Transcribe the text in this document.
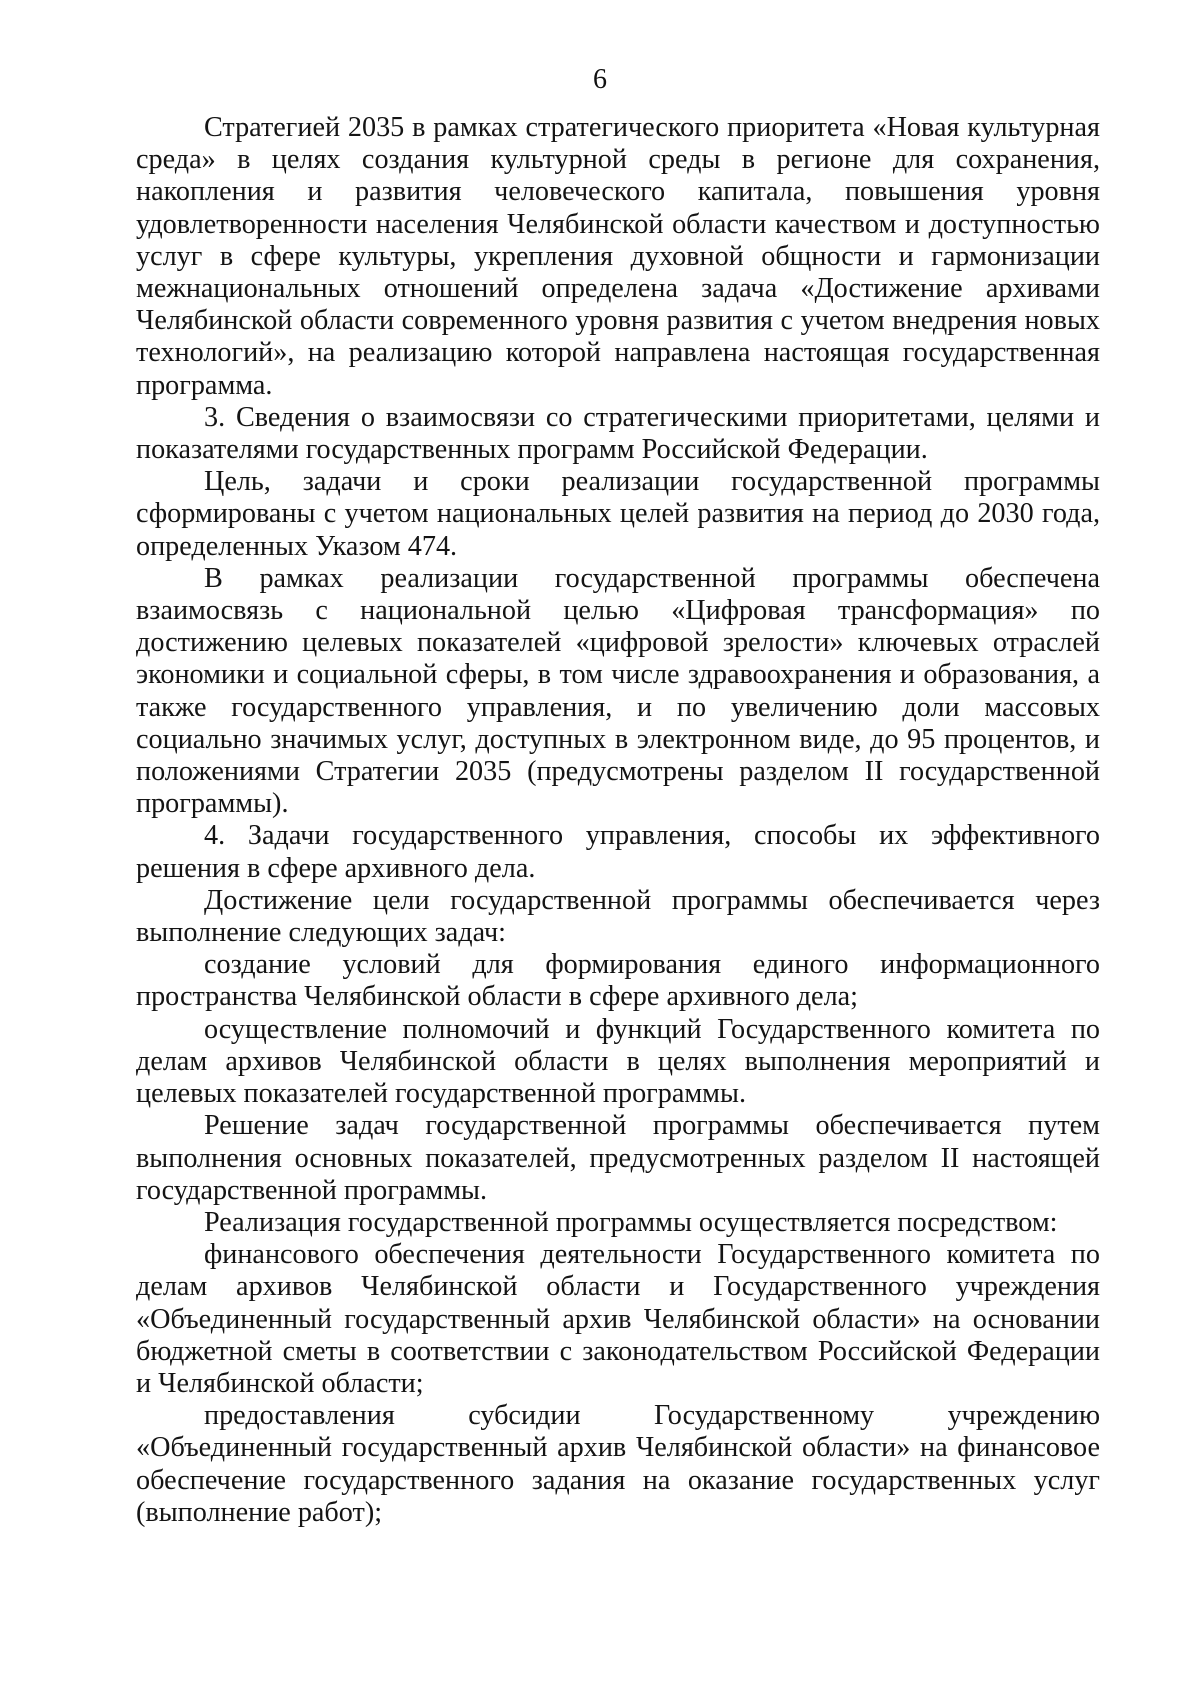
6

Стратегией 2035 в рамках стратегического приоритета «Новая культурная среда» в целях создания культурной среды в регионе для сохранения, накопления и развития человеческого капитала, повышения уровня удовлетворенности населения Челябинской области качеством и доступностью услуг в сфере культуры, укрепления духовной общности и гармонизации межнациональных отношений определена задача «Достижение архивами Челябинской области современного уровня развития с учетом внедрения новых технологий», на реализацию которой направлена настоящая государственная программа.

3. Сведения о взаимосвязи со стратегическими приоритетами, целями и показателями государственных программ Российской Федерации.

Цель, задачи и сроки реализации государственной программы сформированы с учетом национальных целей развития на период до 2030 года, определенных Указом 474.

В рамках реализации государственной программы обеспечена взаимосвязь с национальной целью «Цифровая трансформация» по достижению целевых показателей «цифровой зрелости» ключевых отраслей экономики и социальной сферы, в том числе здравоохранения и образования, а также государственного управления, и по увеличению доли массовых социально значимых услуг, доступных в электронном виде, до 95 процентов, и положениями Стратегии 2035 (предусмотрены разделом II государственной программы).

4. Задачи государственного управления, способы их эффективного решения в сфере архивного дела.

Достижение цели государственной программы обеспечивается через выполнение следующих задач:

создание условий для формирования единого информационного пространства Челябинской области в сфере архивного дела;

осуществление полномочий и функций Государственного комитета по делам архивов Челябинской области в целях выполнения мероприятий и целевых показателей государственной программы.

Решение задач государственной программы обеспечивается путем выполнения основных показателей, предусмотренных разделом II настоящей государственной программы.

Реализация государственной программы осуществляется посредством:

финансового обеспечения деятельности Государственного комитета по делам архивов Челябинской области и Государственного учреждения «Объединенный государственный архив Челябинской области» на основании бюджетной сметы в соответствии с законодательством Российской Федерации и Челябинской области;

предоставления субсидии Государственному учреждению «Объединенный государственный архив Челябинской области» на финансовое обеспечение государственного задания на оказание государственных услуг (выполнение работ);
